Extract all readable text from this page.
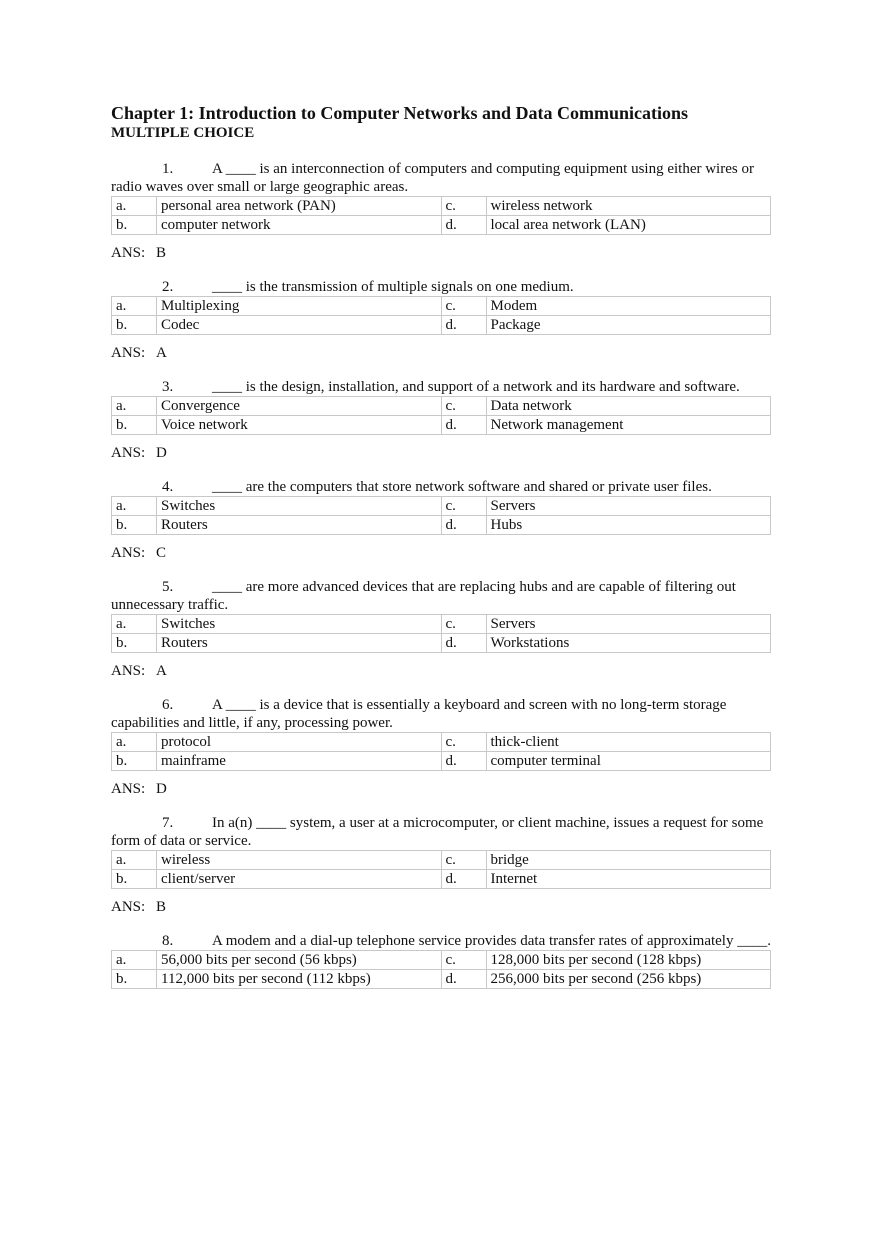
Chapter 1: Introduction to Computer Networks and Data Communications
MULTIPLE CHOICE

1.	A ____ is an interconnection of computers and computing equipment using either wires or radio waves over small or large geographic areas.

a.	personal area network (PAN)	c.	wireless network
b.	computer network	d.	local area network (LAN)
ANS: B

2.	____ is the transmission of multiple signals on one medium.

a.	Multiplexing	c.	Modem
b.	Codec	d.	Package
ANS: A

3.	____ is the design, installation, and support of a network and its hardware and software.

a.	Convergence	c.	Data network
b.	Voice network	d.	Network management
ANS: D

4.	____ are the computers that store network software and shared or private user files.

a.	Switches	c.	Servers
b.	Routers	d.	Hubs
ANS: C

5.	____ are more advanced devices that are replacing hubs and are capable of filtering out unnecessary traffic.

a.	Switches	c.	Servers
b.	Routers	d.	Workstations
ANS: A

6.	A ____ is a device that is essentially a keyboard and screen with no long-term storage capabilities and little, if any, processing power.

a.	protocol	c.	thick-client
b.	mainframe	d.	computer terminal
ANS: D

7.	In a(n) ____ system, a user at a microcomputer, or client machine, issues a request for some form of data or service.

a.	wireless	c.	bridge
b.	client/server	d.	Internet
ANS: B

8.	A modem and a dial-up telephone service provides data transfer rates of approximately ____.

a.	56,000 bits per second (56 kbps)	c.	128,000 bits per second (128 kbps)
b.	112,000 bits per second (112 kbps)	d.	256,000 bits per second (256 kbps)
